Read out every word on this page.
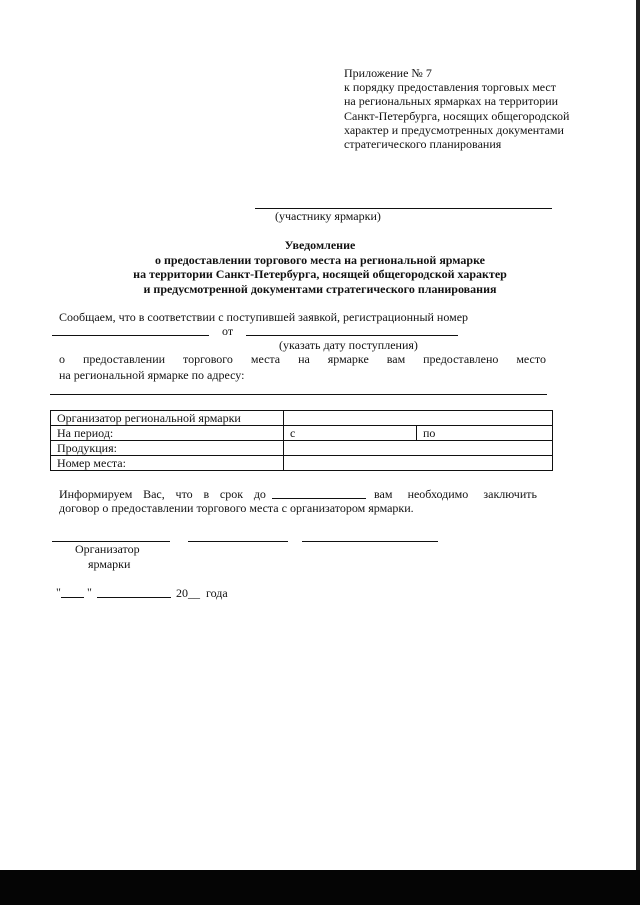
Приложение № 7
к порядку предоставления торговых мест
на региональных ярмарках на территории
Санкт-Петербурга, носящих общегородской
характер и предусмотренных документами
стратегического планирования
(участнику ярмарки)
Уведомление
о предоставлении торгового места на региональной ярмарке
на территории Санкт-Петербурга, носящей общегородской характер
и предусмотренной документами стратегического планирования
Сообщаем, что в соответствии с поступившей заявкой, регистрационный номер
от
(указать дату поступления)
о предоставлении торгового места на ярмарке вам предоставлено место
на региональной ярмарке по адресу:
Организатор региональной ярмарки		
На период:	с	по
Продукция:		
Номер места:		
Информируем Вас, что в срок до	вам необходимо заключить
договор о предоставлении торгового места с организатором ярмарки.
Организатор
ярмарки
" "	20__ года
